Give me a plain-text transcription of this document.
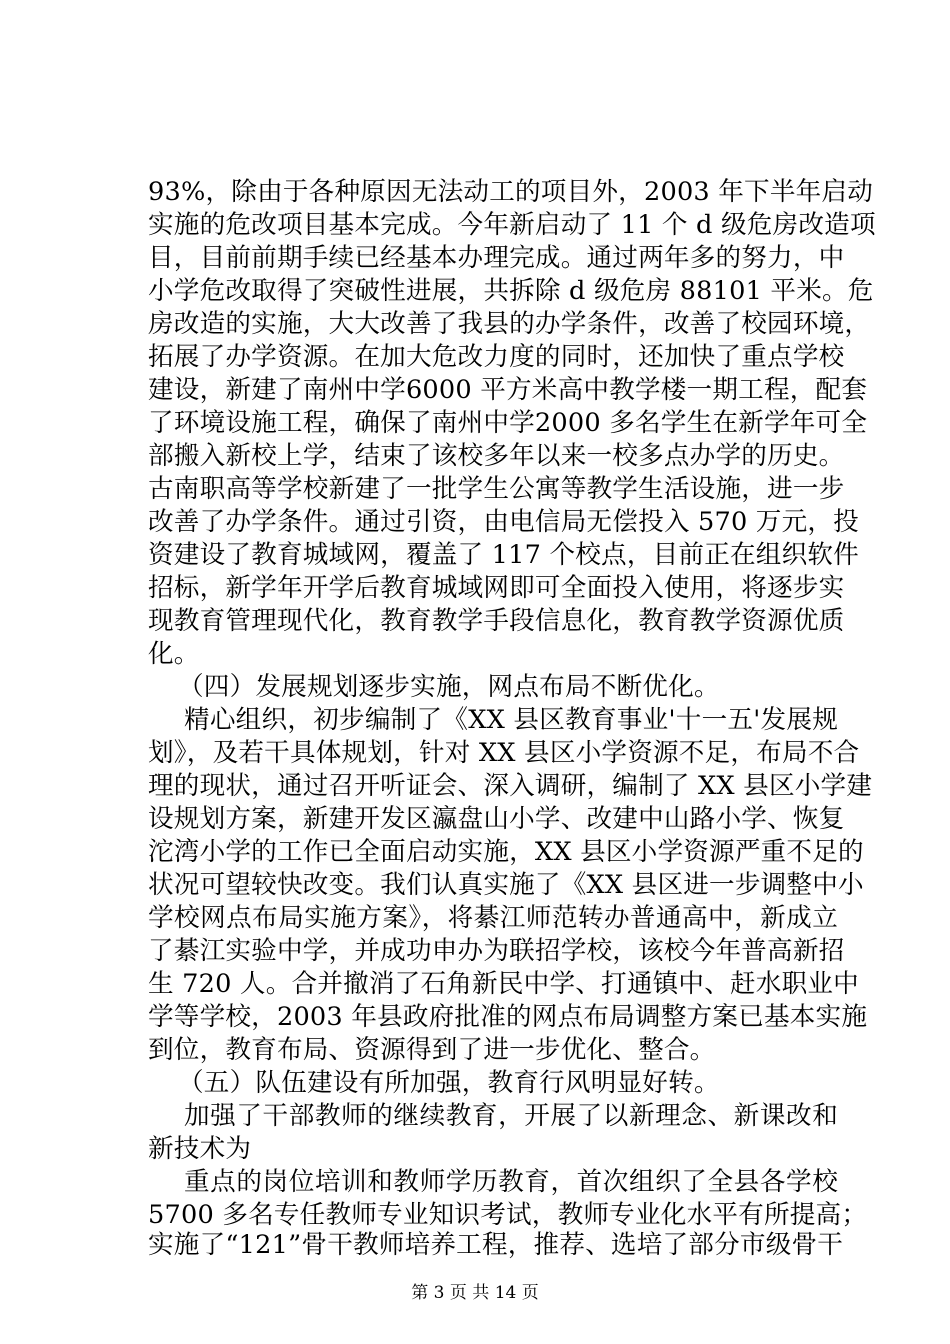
93%，除由于各种原因无法动工的项目外，2003 年下半年启动
实施的危改项目基本完成。今年新启动了 11 个 d 级危房改造项
目，目前前期手续已经基本办理完成。通过两年多的努力，中
小学危改取得了突破性进展，共拆除 d 级危房 88101 平米。危
房改造的实施，大大改善了我县的办学条件，改善了校园环境，
拓展了办学资源。在加大危改力度的同时，还加快了重点学校
建设，新建了南州中学6000 平方米高中教学楼一期工程，配套
了环境设施工程，确保了南州中学2000 多名学生在新学年可全
部搬入新校上学，结束了该校多年以来一校多点办学的历史。
古南职高等学校新建了一批学生公寓等教学生活设施，进一步
改善了办学条件。通过引资，由电信局无偿投入 570 万元，投
资建设了教育城域网，覆盖了 117 个校点，目前正在组织软件
招标，新学年开学后教育城域网即可全面投入使用，将逐步实
现教育管理现代化，教育教学手段信息化，教育教学资源优质
化。
（四）发展规划逐步实施，网点布局不断优化。
精心组织，初步编制了《XX 县区教育事业'十一五'发展规
划》，及若干具体规划，针对 XX 县区小学资源不足，布局不合
理的现状，通过召开听证会、深入调研，编制了 XX 县区小学建
设规划方案，新建开发区瀛盘山小学、改建中山路小学、恢复
沱湾小学的工作已全面启动实施，XX 县区小学资源严重不足的
状况可望较快改变。我们认真实施了《XX 县区进一步调整中小
学校网点布局实施方案》，将綦江师范转办普通高中，新成立
了綦江实验中学，并成功申办为联招学校，该校今年普高新招
生 720 人。合并撤消了石角新民中学、打通镇中、赶水职业中
学等学校，2003 年县政府批准的网点布局调整方案已基本实施
到位，教育布局、资源得到了进一步优化、整合。
（五）队伍建设有所加强，教育行风明显好转。
加强了干部教师的继续教育，开展了以新理念、新课改和
新技术为
重点的岗位培训和教师学历教育，首次组织了全县各学校
5700 多名专任教师专业知识考试，教师专业化水平有所提高；
实施了“121”骨干教师培养工程，推荐、选培了部分市级骨干
第 3 页 共 14 页
